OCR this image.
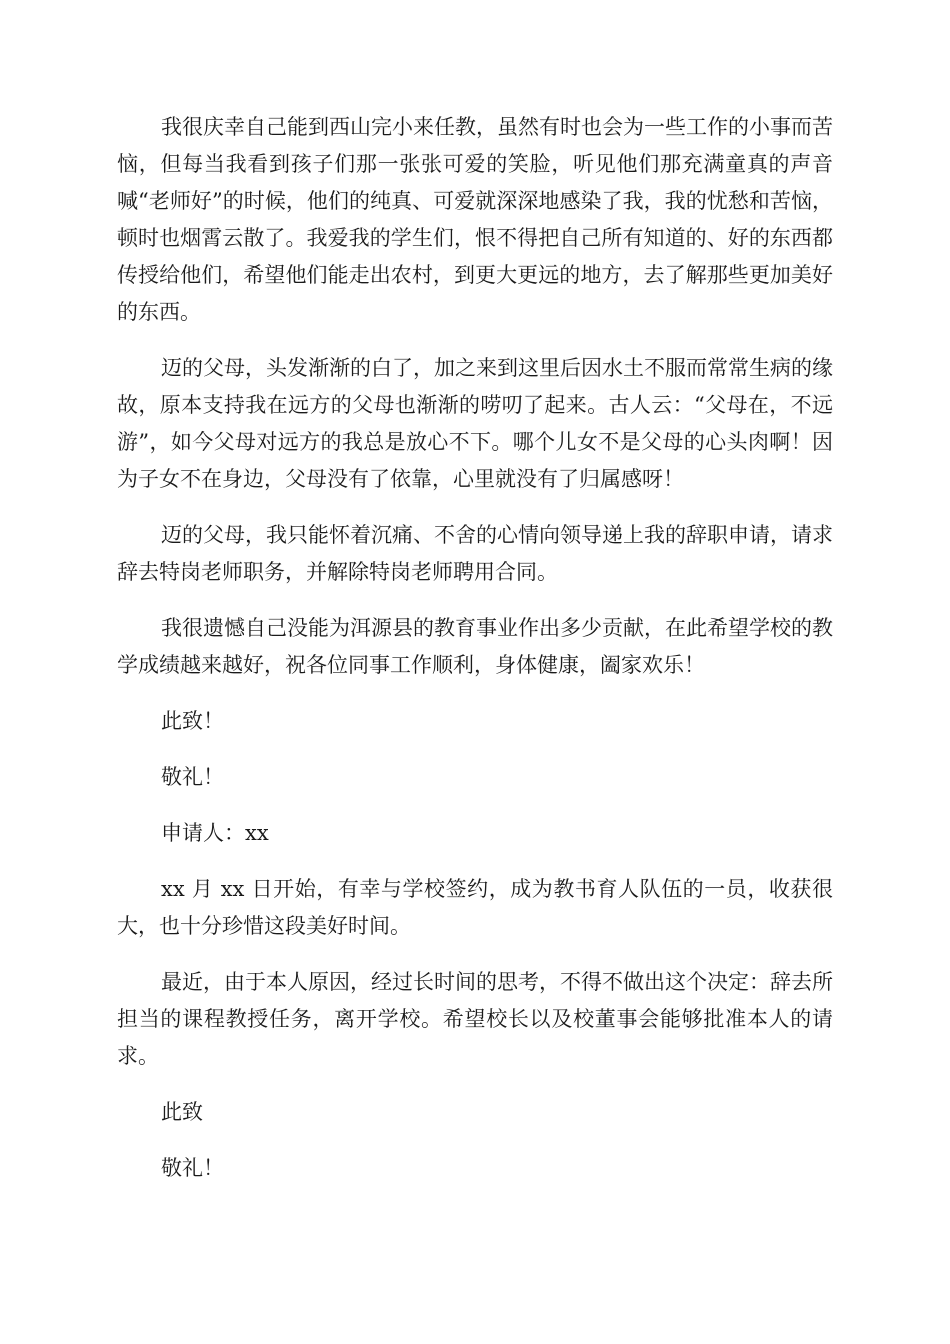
我很庆幸自己能到西山完小来任教，虽然有时也会为一些工作的小事而苦恼，但每当我看到孩子们那一张张可爱的笑脸，听见他们那充满童真的声音喊“老师好”的时候，他们的纯真、可爱就深深地感染了我，我的忧愁和苦恼，顿时也烟霄云散了。我爱我的学生们，恨不得把自己所有知道的、好的东西都传授给他们，希望他们能走出农村，到更大更远的地方，去了解那些更加美好的东西。

迈的父母，头发渐渐的白了，加之来到这里后因水土不服而常常生病的缘故，原本支持我在远方的父母也渐渐的唠叨了起来。古人云：“父母在，不远游”，如今父母对远方的我总是放心不下。哪个儿女不是父母的心头肉啊！因为子女不在身边，父母没有了依靠，心里就没有了归属感呀！

迈的父母，我只能怀着沉痛、不舍的心情向领导递上我的辞职申请，请求辞去特岗老师职务，并解除特岗老师聘用合同。

我很遗憾自己没能为洱源县的教育事业作出多少贡献，在此希望学校的教学成绩越来越好，祝各位同事工作顺利，身体健康，阖家欢乐！

此致！

敬礼！

申请人：xx

xx 月 xx 日开始，有幸与学校签约，成为教书育人队伍的一员，收获很大，也十分珍惜这段美好时间。

最近，由于本人原因，经过长时间的思考，不得不做出这个决定：辞去所担当的课程教授任务，离开学校。希望校长以及校董事会能够批准本人的请求。

此致

敬礼！
